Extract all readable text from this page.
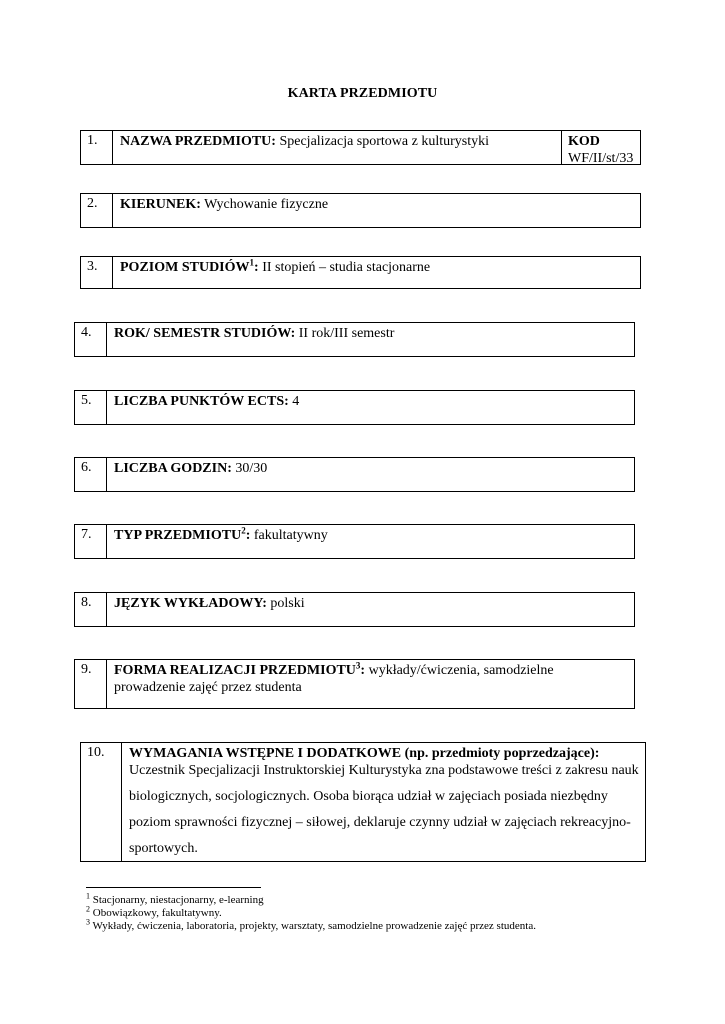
KARTA PRZEDMIOTU
1.	NAZWA PRZEDMIOTU: Specjalizacja sportowa z kulturystyki	KOD
WF/II/st/33
2.	KIERUNEK: Wychowanie fizyczne
3.	POZIOM STUDIÓW$^1$: II stopień – studia stacjonarne
4.	ROK/ SEMESTR STUDIÓW: II rok/III semestr
5.	LICZBA PUNKTÓW ECTS: 4
6.	LICZBA GODZIN: 30/30
7.	TYP PRZEDMIOTU$^2$: fakultatywny
8.	JĘZYK WYKŁADOWY: polski
9.	FORMA REALIZACJI PRZEDMIOTU$^3$: wykłady/ćwiczenia, samodzielne prowadzenie zajęć przez studenta
10.	WYMAGANIA WSTĘPNE I DODATKOWE (np. przedmioty poprzedzające):
Uczestnik Specjalizacji Instruktorskiej Kulturystyka zna podstawowe treści z zakresu nauk biologicznych, socjologicznych. Osoba biorąca udział w zajęciach posiada niezbędny poziom sprawności fizycznej – siłowej, deklaruje czynny udział w zajęciach rekreacyjno- sportowych.
$^1$ Stacjonarny, niestacjonarny, e-learning
$^2$ Obowiązkowy, fakultatywny.
$^3$ Wykłady, ćwiczenia, laboratoria, projekty, warsztaty, samodzielne prowadzenie zajęć przez studenta.
